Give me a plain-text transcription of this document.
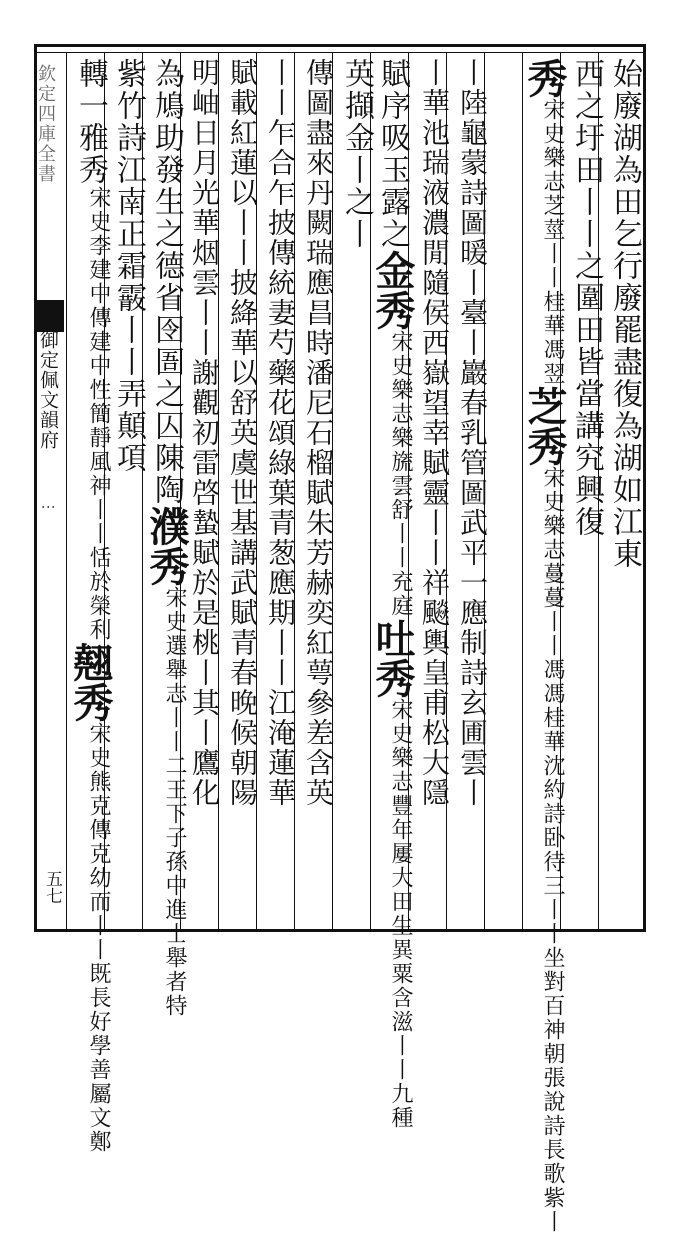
欽定四庫全書
御定佩文韻府
⋮
五七
始廢湖為田乞行廢罷盡復為湖如江東
西之圩田丨丨之圍田皆當講究興復
秀
宋史樂志芝莖
丨丨桂華馮翌
芝秀
宋史樂志蔓蔓丨丨馮馮桂華沈約詩卧
待三丨丨坐對百神朝張說詩長歌紫丨
丨陸龜蒙詩圖暖丨臺丨巖春乳管圖武平一應制詩玄圃雲丨
丨華池瑞液濃閒隨侯西嶽望幸賦靈丨丨祥飈輿皇甫松大隱
賦序吸玉露之金秀
宋史樂志樂旒
雲舒丨丨充庭
吐秀
宋史樂志豐年屢大田
生異粟含滋丨丨九種
英擷金丨之丨
傳圖盡來丹闕瑞應昌時潘尼石榴賦朱芳赫奕紅萼參差含英
丨丨乍合乍披傳統妻芍藥花頌綠葉青葱應期丨丨江淹蓮華
賦載紅蓮以丨丨披絳華以舒英虞世基講武賦青春晚候朝陽
明岫日月光華烟雲丨丨謝觀初雷啓蟄賦於是桃丨其丨鷹化
為鳩助發生之德省囹圄之囚陳陶濮秀
宋史選舉志丨丨二王
下子孫中進士舉者特
紫竹詩江南正霜霰丨丨弄顛項
轉一雅秀
宋史李建中傳建中性簡
靜風神丨丨恬於榮利
翹秀
宋史熊克傳克幼而丨
丨既長好學善屬文鄭
